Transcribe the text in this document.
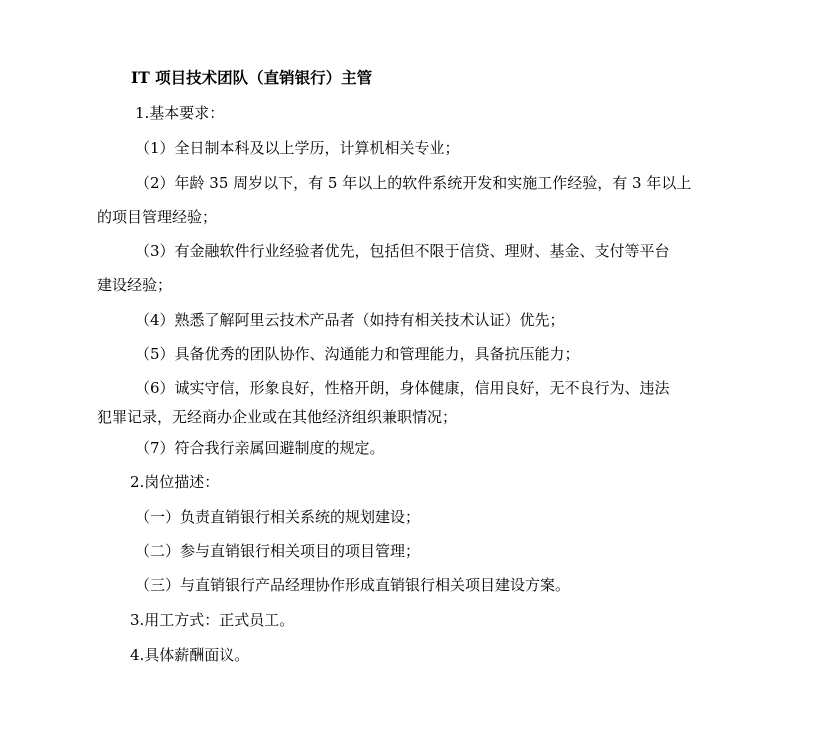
IT 项目技术团队（直销银行）主管
1.基本要求：
（1）全日制本科及以上学历，计算机相关专业；
（2）年龄 35 周岁以下，有 5 年以上的软件系统开发和实施工作经验，有 3 年以上
的项目管理经验；
（3）有金融软件行业经验者优先，包括但不限于信贷、理财、基金、支付等平台
建设经验；
（4）熟悉了解阿里云技术产品者（如持有相关技术认证）优先；
（5）具备优秀的团队协作、沟通能力和管理能力，具备抗压能力；
（6）诚实守信，形象良好，性格开朗，身体健康，信用良好，无不良行为、违法
犯罪记录，无经商办企业或在其他经济组织兼职情况；
（7）符合我行亲属回避制度的规定。
2.岗位描述：
（一）负责直销银行相关系统的规划建设；
（二）参与直销银行相关项目的项目管理；
（三）与直销银行产品经理协作形成直销银行相关项目建设方案。
3.用工方式：正式员工。
4.具体薪酬面议。
